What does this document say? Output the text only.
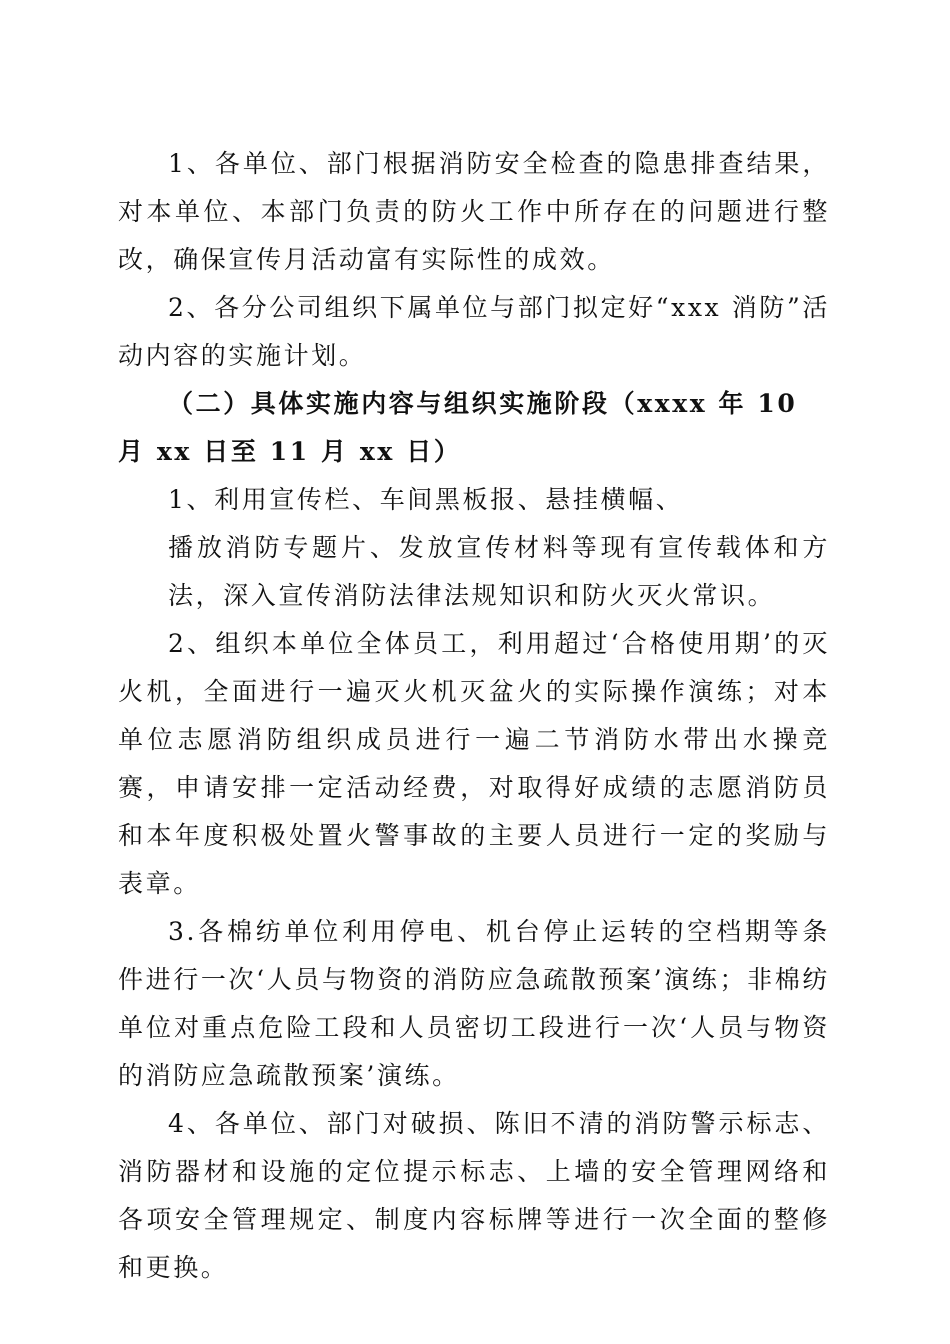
1、各单位、部门根据消防安全检查的隐患排查结果，对本单位、本部门负责的防火工作中所存在的问题进行整改，确保宣传月活动富有实际性的成效。

2、各分公司组织下属单位与部门拟定好“xxx 消防”活动内容的实施计划。

（二）具体实施内容与组织实施阶段（xxxx 年 10 月 xx 日至 11 月 xx 日）

1、利用宣传栏、车间黑板报、悬挂横幅、

播放消防专题片、发放宣传材料等现有宣传载体和方法，深入宣传消防法律法规知识和防火灭火常识。

2、组织本单位全体员工，利用超过‘合格使用期’的灭火机，全面进行一遍灭火机灭盆火的实际操作演练；对本单位志愿消防组织成员进行一遍二节消防水带出水操竞赛，申请安排一定活动经费，对取得好成绩的志愿消防员和本年度积极处置火警事故的主要人员进行一定的奖励与表章。

3.各棉纺单位利用停电、机台停止运转的空档期等条件进行一次‘人员与物资的消防应急疏散预案’演练；非棉纺单位对重点危险工段和人员密切工段进行一次‘人员与物资的消防应急疏散预案’演练。

4、各单位、部门对破损、陈旧不清的消防警示标志、消防器材和设施的定位提示标志、上墙的安全管理网络和各项安全管理规定、制度内容标牌等进行一次全面的整修和更换。
